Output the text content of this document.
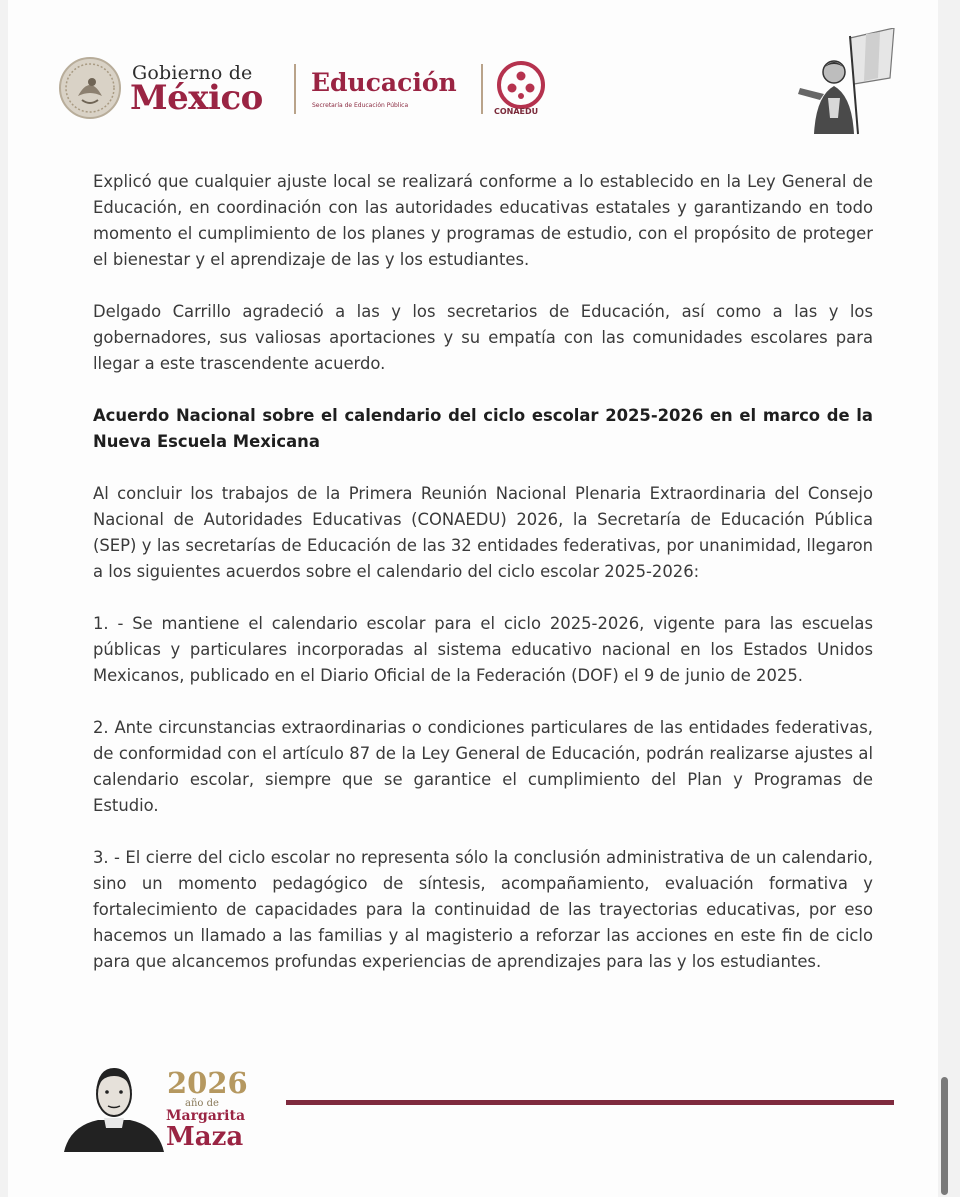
Gobierno de
México Educación
Secretaría de Educación Pública
CONAEDU

Explicó que cualquier ajuste local se realizará conforme a lo establecido en la Ley General de Educación, en coordinación con las autoridades educativas estatales y garantizando en todo momento el cumplimiento de los planes y programas de estudio, con el propósito de proteger el bienestar y el aprendizaje de las y los estudiantes.

Delgado Carrillo agradeció a las y los secretarios de Educación, así como a las y los gobernadores, sus valiosas aportaciones y su empatía con las comunidades escolares para llegar a este trascendente acuerdo.

Acuerdo Nacional sobre el calendario del ciclo escolar 2025-2026 en el marco de la Nueva Escuela Mexicana

Al concluir los trabajos de la Primera Reunión Nacional Plenaria Extraordinaria del Consejo Nacional de Autoridades Educativas (CONAEDU) 2026, la Secretaría de Educación Pública (SEP) y las secretarías de Educación de las 32 entidades federativas, por unanimidad, llegaron a los siguientes acuerdos sobre el calendario del ciclo escolar 2025-2026:

1. - Se mantiene el calendario escolar para el ciclo 2025-2026, vigente para las escuelas públicas y particulares incorporadas al sistema educativo nacional en los Estados Unidos Mexicanos, publicado en el Diario Oficial de la Federación (DOF) el 9 de junio de 2025.

2. Ante circunstancias extraordinarias o condiciones particulares de las entidades federativas, de conformidad con el artículo 87 de la Ley General de Educación, podrán realizarse ajustes al calendario escolar, siempre que se garantice el cumplimiento del Plan y Programas de Estudio.

3. - El cierre del ciclo escolar no representa sólo la conclusión administrativa de un calendario, sino un momento pedagógico de síntesis, acompañamiento, evaluación formativa y fortalecimiento de capacidades para la continuidad de las trayectorias educativas, por eso hacemos un llamado a las familias y al magisterio a reforzar las acciones en este fin de ciclo para que alcancemos profundas experiencias de aprendizajes para las y los estudiantes.

2026
año de
Margarita
Maza
